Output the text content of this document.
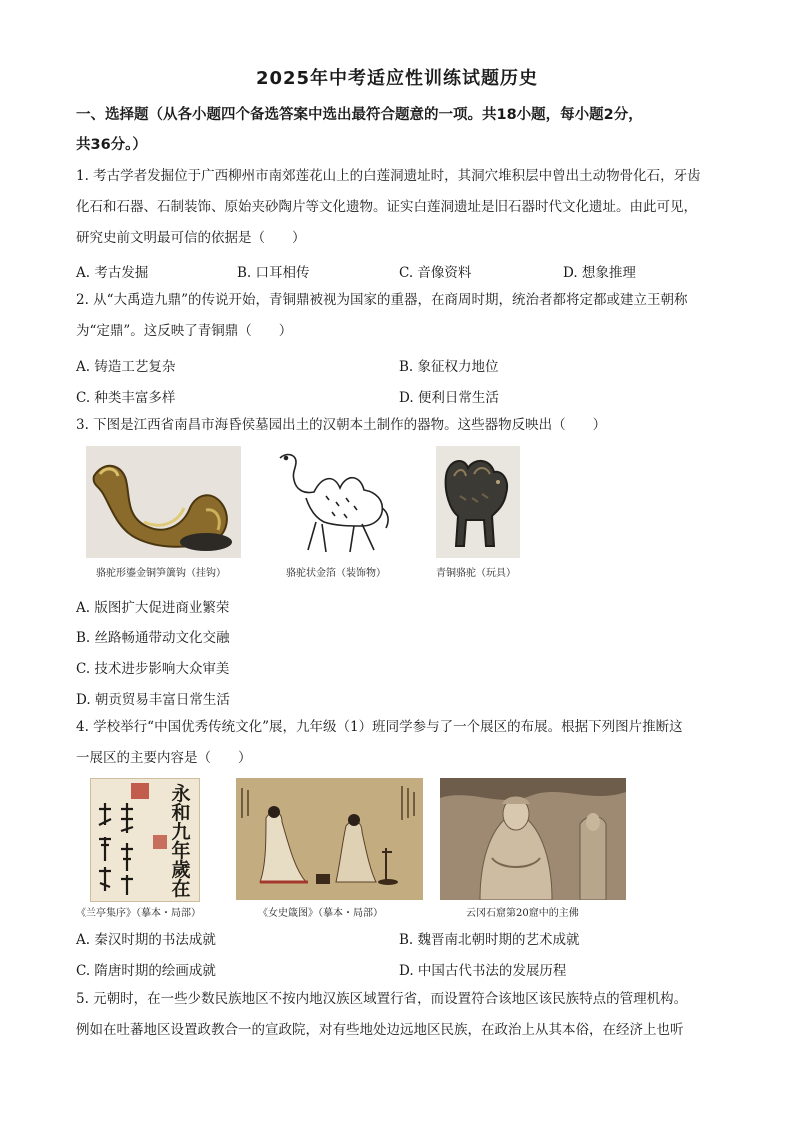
2025年中考适应性训练试题历史
一、选择题（从各小题四个备选答案中选出最符合题意的一项。共18小题，每小题2分，
共36分。）
1. 考古学者发掘位于广西柳州市南郊莲花山上的白莲洞遗址时，其洞穴堆积层中曾出土动物骨化石，牙齿
化石和石器、石制装饰、原始夹砂陶片等文化遗物。证实白莲洞遗址是旧石器时代文化遗址。由此可见，
研究史前文明最可信的依据是（　　）
A. 考古发掘	B. 口耳相传	C. 音像资料	D. 想象推理
2. 从“大禹造九鼎”的传说开始，青铜鼎被视为国家的重器，在商周时期，统治者都将定都或建立王朝称
为“定鼎”。这反映了青铜鼎（　　）
A. 铸造工艺复杂	B. 象征权力地位
C. 种类丰富多样	D. 便利日常生活
3. 下图是江西省南昌市海昏侯墓园出土的汉朝本土制作的器物。这些器物反映出（　　）
骆驼形鎏金铜笋簴钩（挂钩）	骆驼状金箔（装饰物）	青铜骆驼（玩具）
A. 版图扩大促进商业繁荣
B. 丝路畅通带动文化交融
C. 技术进步影响大众审美
D. 朝贡贸易丰富日常生活
4. 学校举行“中国优秀传统文化”展，九年级（1）班同学参与了一个展区的布展。根据下列图片推断这
一展区的主要内容是（　　）
永
和
九
年
歲
在
《兰亭集序》（摹本・局部）	《女史箴图》（摹本・局部）	云冈石窟第20窟中的主佛
A. 秦汉时期的书法成就	B. 魏晋南北朝时期的艺术成就
C. 隋唐时期的绘画成就	D. 中国古代书法的发展历程
5. 元朝时，在一些少数民族地区不按内地汉族区域置行省，而设置符合该地区该民族特点的管理机构。
例如在吐蕃地区设置政教合一的宣政院，对有些地处边远地区民族，在政治上从其本俗，在经济上也听
